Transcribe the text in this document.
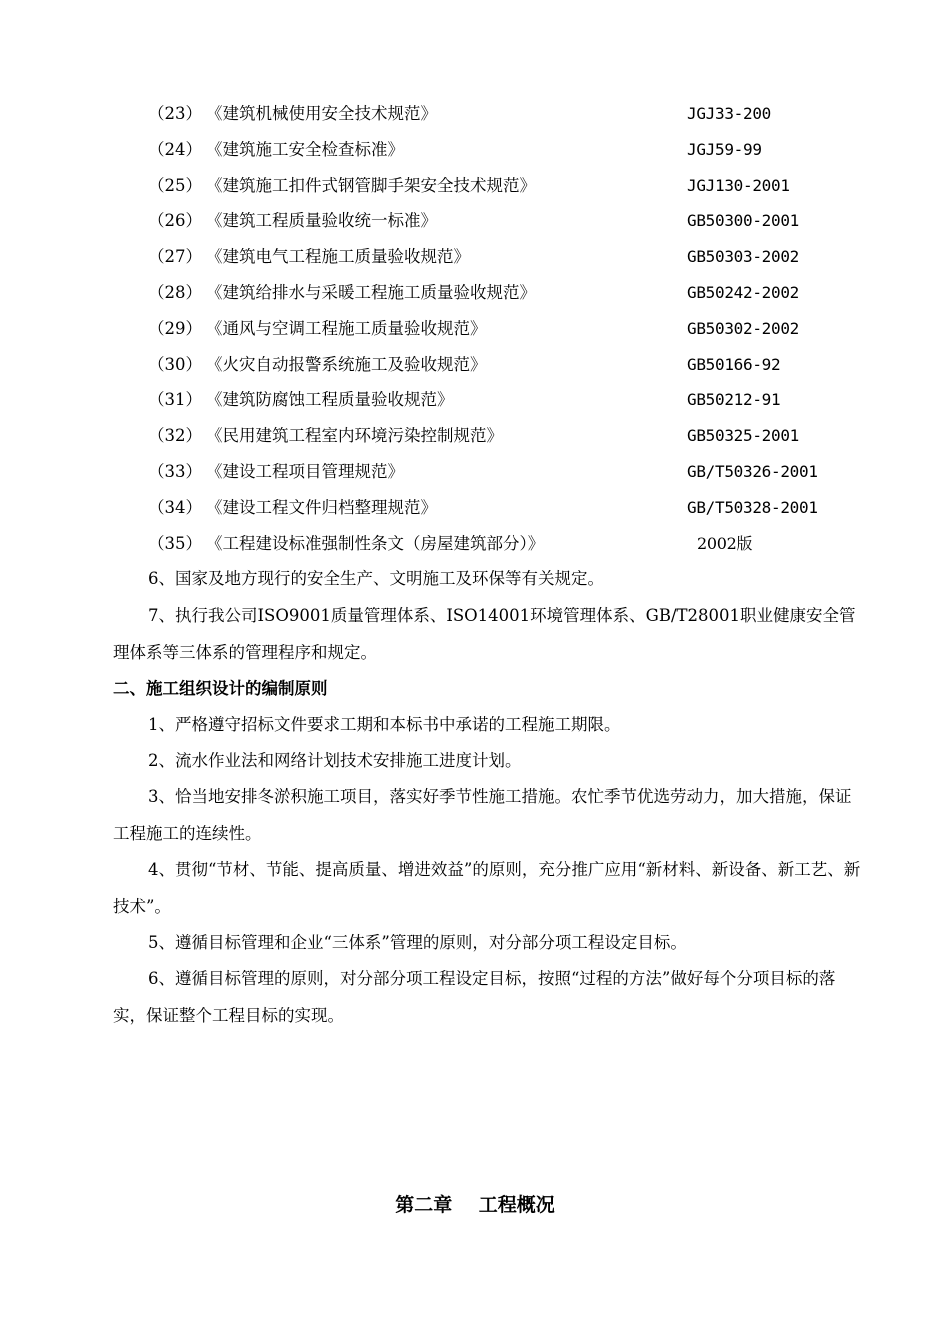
（23） 《建筑机械使用安全技术规范》	JGJ33-200
（24） 《建筑施工安全检查标准》	JGJ59-99
（25） 《建筑施工扣件式钢管脚手架安全技术规范》	JGJ130-2001
（26） 《建筑工程质量验收统一标准》	GB50300-2001
（27） 《建筑电气工程施工质量验收规范》	GB50303-2002
（28） 《建筑给排水与采暖工程施工质量验收规范》	GB50242-2002
（29） 《通风与空调工程施工质量验收规范》	GB50302-2002
（30） 《火灾自动报警系统施工及验收规范》	GB50166-92
（31） 《建筑防腐蚀工程质量验收规范》	GB50212-91
（32） 《民用建筑工程室内环境污染控制规范》	GB50325-2001
（33） 《建设工程项目管理规范》	GB/T50326-2001
（34） 《建设工程文件归档整理规范》	GB/T50328-2001
（35） 《工程建设标准强制性条文（房屋建筑部分）》	2002版
6、国家及地方现行的安全生产、文明施工及环保等有关规定。
7、执行我公司ISO9001质量管理体系、ISO14001环境管理体系、GB/T28001职业健康安全管理体系等三体系的管理程序和规定。
二、施工组织设计的编制原则
1、严格遵守招标文件要求工期和本标书中承诺的工程施工期限。
2、流水作业法和网络计划技术安排施工进度计划。
3、恰当地安排冬淤积施工项目，落实好季节性施工措施。农忙季节优选劳动力，加大措施，保证工程施工的连续性。
4、贯彻“节材、节能、提高质量、增进效益”的原则，充分推广应用“新材料、新设备、新工艺、新技术”。
5、遵循目标管理和企业“三体系”管理的原则，对分部分项工程设定目标。
6、遵循目标管理的原则，对分部分项工程设定目标，按照“过程的方法”做好每个分项目标的落实，保证整个工程目标的实现。
第二章    工程概况
